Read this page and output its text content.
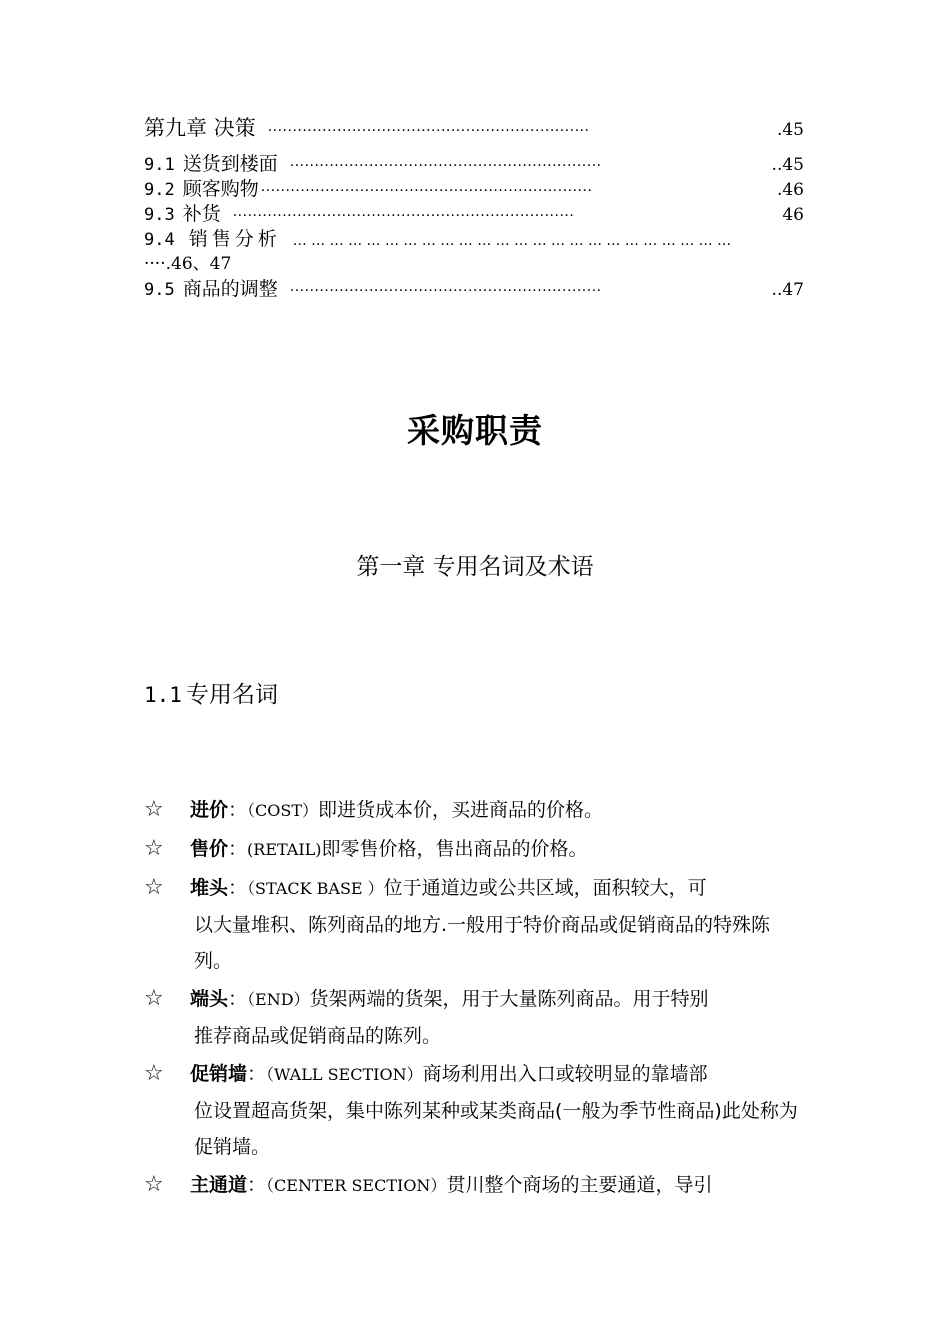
第九章 决策 ·································································	.45
9.1 送货到楼面 ·······························································	..45
9.2 顾客购物 ···································································	.46
9.3 补货 ·····································································	46
9.4 销售分析 … … … … … … … … … … … … … … … … … … … … … … … …
····.46、47
9.5 商品的调整 ·······························································	..47
采购职责
第一章 专用名词及术语
1.1 专用名词
☆ 进价：（COST）即进货成本价，买进商品的价格。
☆ 售价：(RETAIL)即零售价格，售出商品的价格。
☆ 堆头：（STACK BASE ）位于通道边或公共区域，面积较大，可
以大量堆积、陈列商品的地方.一般用于特价商品或促销商品的特殊陈列。
☆ 端头：（END）货架两端的货架，用于大量陈列商品。用于特别
推荐商品或促销商品的陈列。
☆ 促销墙：（WALL SECTION）商场利用出入口或较明显的靠墙部
位设置超高货架，集中陈列某种或某类商品(一般为季节性商品)此处称为促销墙。
☆ 主通道：（CENTER SECTION）贯川整个商场的主要通道，导引
